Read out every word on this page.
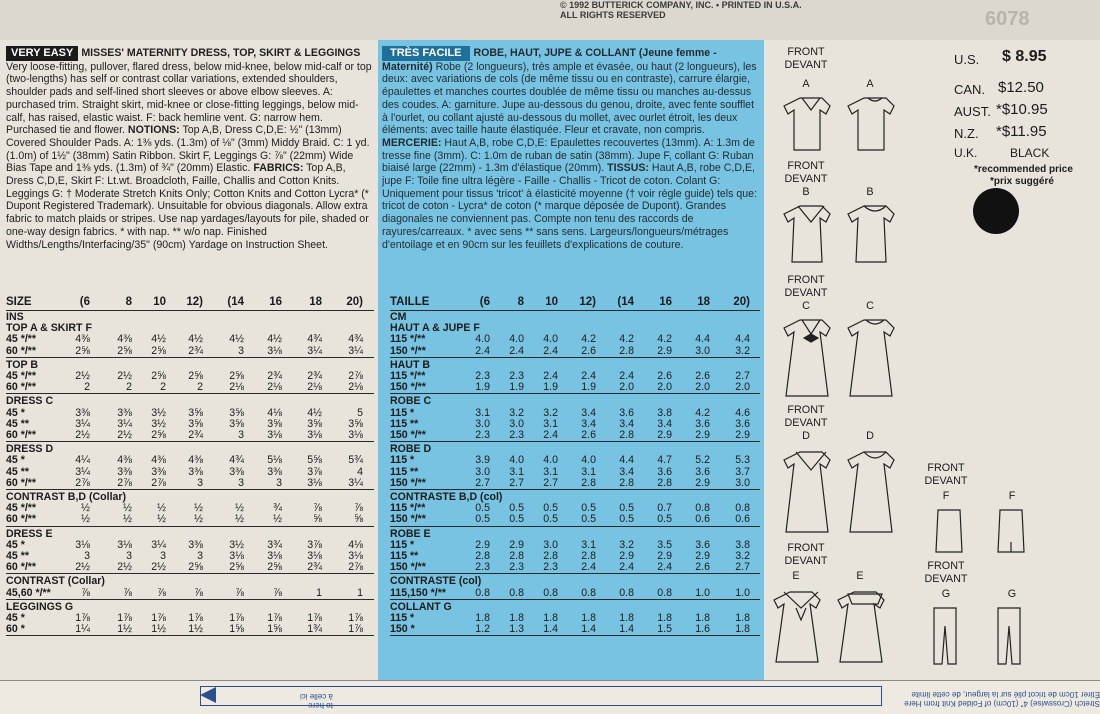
© 1992 BUTTERICK COMPANY, INC. • PRINTED IN U.S.A.
ALL RIGHTS RESERVED	6078
VERY EASY MISSES' MATERNITY DRESS, TOP, SKIRT & LEGGINGS Very loose-fitting, pullover, flared dress, below mid-knee, below mid-calf or top (two-lengths) has self or contrast collar variations, extended shoulders, shoulder pads and self-lined short sleeves or above elbow sleeves. A: purchased trim. Straight skirt, mid-knee or close-fitting leggings, below mid-calf, has raised, elastic waist. F: back hemline vent. G: narrow hem. Purchased tie and flower. NOTIONS: Top A,B, Dress C,D,E: ½" (13mm) Covered Shoulder Pads. A: 1⅜ yds. (1.3m) of ⅛" (3mm) Middy Braid. C: 1 yd. (1.0m) of 1½" (38mm) Satin Ribbon. Skirt F, Leggings G: ⅞" (22mm) Wide Bias Tape and 1⅜ yds. (1.3m) of ¾" (20mm) Elastic. FABRICS: Top A,B, Dress C,D,E, Skirt F: Lt.wt. Broadcloth, Faille, Challis and Cotton Knits. Leggings G: † Moderate Stretch Knits Only; Cotton Knits and Cotton Lycra* (* Dupont Registered Trademark). Unsuitable for obvious diagonals. Allow extra fabric to match plaids or stripes. Use nap yardages/layouts for pile, shaded or one-way design fabrics. * with nap. ** w/o nap. Finished Widths/Lengths/Interfacing/35" (90cm) Yardage on Instruction Sheet.
TRÈS FACILE ROBE, HAUT, JUPE & COLLANT (Jeune femme - Maternité) Robe (2 longueurs), très ample et évasée, ou haut (2 longueurs), les deux: avec variations de cols (de même tissu ou en contraste), carrure élargie, épaulettes et manches courtes doublée de même tissu ou manches au-dessus des coudes. A: garniture. Jupe au-dessous du genou, droite, avec fente soufflet à l'ourlet, ou collant ajusté au-dessous du mollet, avec ourlet étroit, les deux éléments: avec taille haute élastiquée. Fleur et cravate, non compris. MERCERIE: Haut A,B, robe C,D,E: Epaulettes recouvertes (13mm). A: 1.3m de tresse fine (3mm). C: 1.0m de ruban de satin (38mm). Jupe F, collant G: Ruban biaisé large (22mm) - 1.3m d'élastique (20mm). TISSUS: Haut A,B, robe C,D,E, jupe F: Toile fine ultra légère - Faille - Challis - Tricot de coton. Colant G: Uniquement pour tissus 'tricot' à élasticité moyenne († voir règle guide) tels que: tricot de coton - Lycra* de coton (* marque déposée de Dupont). Grandes diagonales ne conviennent pas. Compte non tenu des raccords de rayures/carreaux. * avec sens ** sans sens. Largeurs/longueurs/métrages d'entoilage et en 90cm sur les feuillets d'explications de couture.
SIZE	(6	8	10	12)	(14	16	18	20)
INS
TOP A & SKIRT F
45 */**	4⅜	4⅜	4½	4½	4½	4½	4¾	4¾
60 */**	2⅝	2⅝	2⅝	2¾	3	3⅛	3¼	3¼
TOP B
45 */**	2½	2½	2⅝	2⅝	2⅝	2¾	2¾	2⅞
60 */**	2	2	2	2	2⅛	2⅛	2⅛	2⅛
DRESS C
45 *	3⅜	3⅜	3½	3⅝	3⅝	4⅛	4½	5
45 **	3¼	3¼	3½	3⅝	3⅝	3⅝	3⅝	3⅝
60 */**	2½	2½	2⅝	2¾	3	3⅛	3⅛	3⅛
DRESS D
45 *	4¼	4⅜	4⅜	4⅜	4¾	5⅛	5⅝	5¾
45 **	3¼	3⅜	3⅜	3⅜	3⅜	3⅜	3⅞	4
60 */**	2⅞	2⅞	2⅞	3	3	3	3⅛	3¼
CONTRAST B,D (Collar)
45 */**	½	½	½	½	½	¾	⅞	⅞
60 */**	½	½	½	½	½	½	⅝	⅝
DRESS E
45 *	3⅛	3⅛	3¼	3⅜	3½	3¾	3⅞	4⅛
45 **	3	3	3	3	3⅛	3⅛	3⅛	3⅛
60 */**	2½	2½	2½	2⅝	2⅝	2⅝	2¾	2⅞
CONTRAST (Collar)
45,60 */**	⅞	⅞	⅞	⅞	⅞	⅞	1	1
LEGGINGS G
45 *	1⅞	1⅞	1⅞	1⅞	1⅞	1⅞	1⅞	1⅞
60 *	1¼	1½	1½	1½	1⅝	1⅝	1¾	1⅞
TAILLE	(6	8	10	12)	(14	16	18	20)
CM
HAUT A & JUPE F
115 */**	4.0	4.0	4.0	4.2	4.2	4.2	4.4	4.4
150 */**	2.4	2.4	2.4	2.6	2.8	2.9	3.0	3.2
HAUT B
115 */**	2.3	2.3	2.4	2.4	2.4	2.6	2.6	2.7
150 */**	1.9	1.9	1.9	1.9	2.0	2.0	2.0	2.0
ROBE C
115 *	3.1	3.2	3.2	3.4	3.6	3.8	4.2	4.6
115 **	3.0	3.0	3.1	3.4	3.4	3.4	3.6	3.6
150 */**	2.3	2.3	2.4	2.6	2.8	2.9	2.9	2.9
ROBE D
115 *	3.9	4.0	4.0	4.0	4.4	4.7	5.2	5.3
115 **	3.0	3.1	3.1	3.1	3.4	3.6	3.6	3.7
150 */**	2.7	2.7	2.7	2.8	2.8	2.8	2.9	3.0
CONTRASTE B,D (col)
115 */**	0.5	0.5	0.5	0.5	0.5	0.7	0.8	0.8
150 */**	0.5	0.5	0.5	0.5	0.5	0.5	0.6	0.6
ROBE E
115 *	2.9	2.9	3.0	3.1	3.2	3.5	3.6	3.8
115 **	2.8	2.8	2.8	2.8	2.9	2.9	2.9	3.2
150 */**	2.3	2.3	2.3	2.4	2.4	2.4	2.6	2.7
CONTRASTE (col)
115,150 */**	0.8	0.8	0.8	0.8	0.8	0.8	1.0	1.0
COLLANT G
115 *	1.8	1.8	1.8	1.8	1.8	1.8	1.8	1.8
150 *	1.2	1.3	1.4	1.4	1.4	1.5	1.6	1.8
U.S. $ 8.95
CAN. $12.50
AUST. *$10.95
N.Z. *$11.95
U.K.	BLACK
*recommended price
*prix suggéré
FRONT
DEVANT
A	A
FRONT
DEVANT
B	B
FRONT
DEVANT
C	C
FRONT
DEVANT
D	D
FRONT
DEVANT
E	E
FRONT
DEVANT
F	F
FRONT
DEVANT
G	G
to here
à celle ici
Stretch (Crosswise) 4" (10cm) of Folded Knit from Here
Étirer 10cm de tricot plié sur la largeur, de cette limite
